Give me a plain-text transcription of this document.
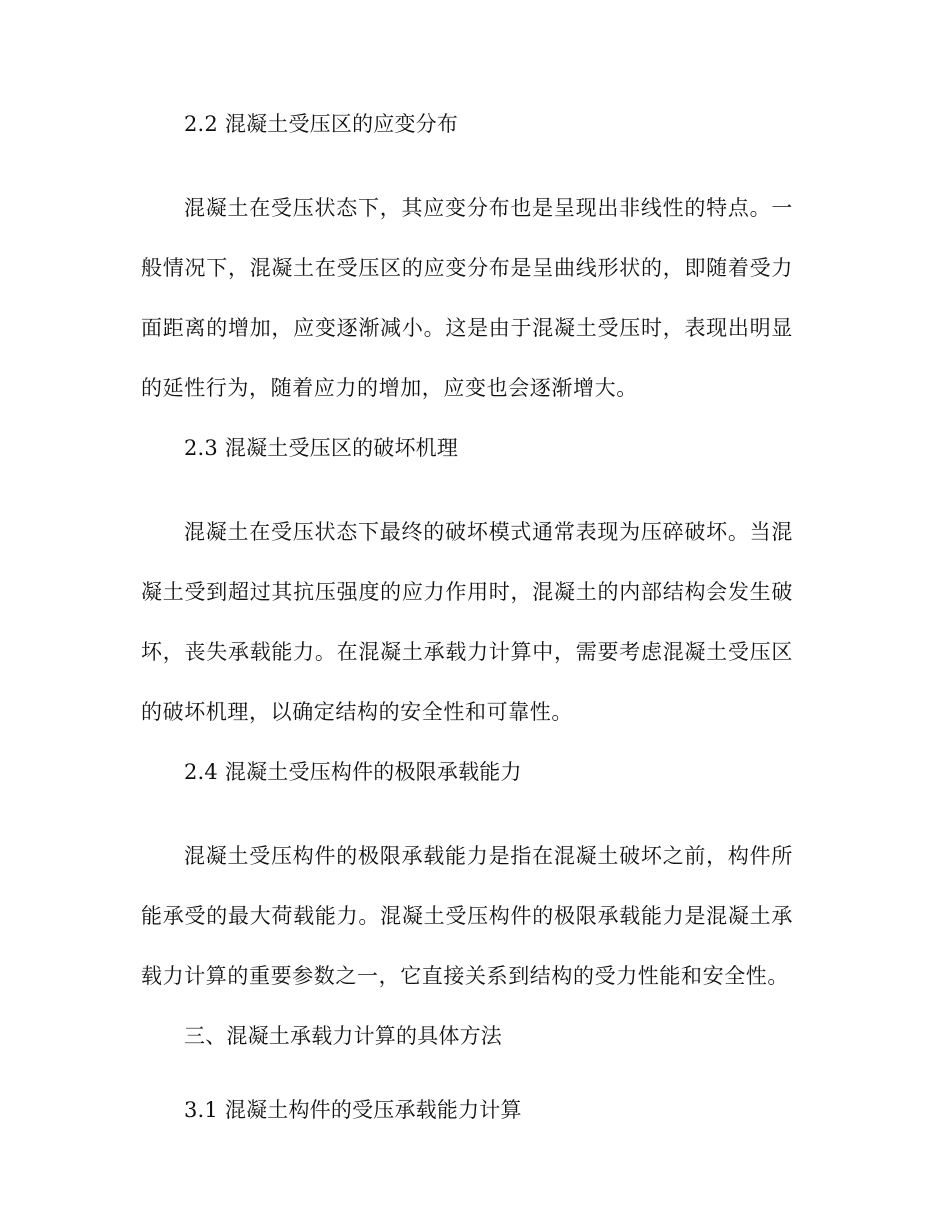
2.2 混凝土受压区的应变分布

混凝土在受压状态下，其应变分布也是呈现出非线性的特点。一般情况下，混凝土在受压区的应变分布是呈曲线形状的，即随着受力面距离的增加，应变逐渐减小。这是由于混凝土受压时，表现出明显的延性行为，随着应力的增加，应变也会逐渐增大。

2.3 混凝土受压区的破坏机理

混凝土在受压状态下最终的破坏模式通常表现为压碎破坏。当混凝土受到超过其抗压强度的应力作用时，混凝土的内部结构会发生破坏，丧失承载能力。在混凝土承载力计算中，需要考虑混凝土受压区的破坏机理，以确定结构的安全性和可靠性。

2.4 混凝土受压构件的极限承载能力

混凝土受压构件的极限承载能力是指在混凝土破坏之前，构件所能承受的最大荷载能力。混凝土受压构件的极限承载能力是混凝土承载力计算的重要参数之一，它直接关系到结构的受力性能和安全性。

三、混凝土承载力计算的具体方法
3.1 混凝土构件的受压承载能力计算
